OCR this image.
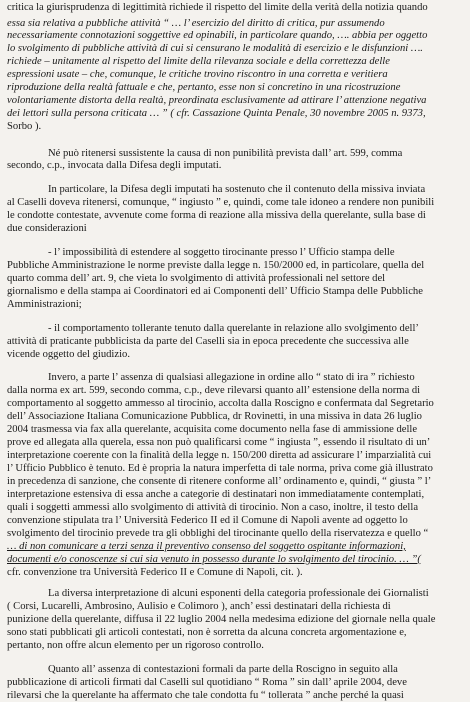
critica la giurisprudenza di legittimità richiede il rispetto del limite della verità della notizia quando
essa sia relativa a pubbliche attività “ … l’ esercizio del diritto di critica, pur assumendo
necessariamente connotazioni soggettive ed opinabili, in particolare quando, …. abbia per oggetto
lo svolgimento di pubbliche attività di cui si censurano le modalità di esercizio e le disfunzioni ….
richiede – unitamente al rispetto del limite della rilevanza sociale e della correttezza delle
espressioni usate – che, comunque, le critiche trovino riscontro in una corretta e veritiera
riproduzione della realtà fattuale e che, pertanto, esse non si concretino in una ricostruzione
volontariamente distorta della realtà, preordinata esclusivamente ad attirare l’ attenzione negativa
dei lettori sulla persona criticata … ” ( cfr. Cassazione Quinta Penale, 30 novembre 2005 n. 9373,
Sorbo ).
Né può ritenersi sussistente la causa di non punibilità prevista dall’ art. 599, comma
secondo, c.p., invocata dalla Difesa degli imputati.
In particolare, la Difesa degli imputati ha sostenuto che il contenuto della missiva inviata
al Caselli doveva ritenersi, comunque, “ ingiusto ” e, quindi, come tale idoneo a rendere non punibili
le condotte contestate, avvenute come forma di reazione alla missiva della querelante, sulla base di
due considerazioni
- l’ impossibilità di estendere al soggetto tirocinante presso l’ Ufficio stampa delle
Pubbliche Amministrazione le norme previste dalla legge n. 150/2000 ed, in particolare, quella del
quarto comma dell’ art. 9, che vieta lo svolgimento di attività professionali nel settore del
giornalismo e della stampa ai Coordinatori ed ai Componenti dell’ Ufficio Stampa delle Pubbliche
Amministrazioni;
- il comportamento tollerante tenuto dalla querelante in relazione allo svolgimento dell’
attività di praticante pubblicista da parte del Caselli sia in epoca precedente che successiva alle
vicende oggetto del giudizio.
Invero, a parte l’ assenza di qualsiasi allegazione in ordine allo “ stato di ira ” richiesto
dalla norma ex art. 599, secondo comma, c.p., deve rilevarsi quanto all’ estensione della norma di
comportamento al soggetto ammesso al tirocinio, accolta dalla Roscigno e confermata dal Segretario
dell’ Associazione Italiana Comunicazione Pubblica, dr Rovinetti, in una missiva in data 26 luglio
2004 trasmessa via fax alla querelante, acquisita come documento nella fase di ammissione delle
prove ed allegata alla querela, essa non può qualificarsi come “ ingiusta ”, essendo il risultato di un’
interpretazione coerente con la finalità della legge n. 150/200 diretta ad assicurare l’ imparzialità cui
l’ Ufficio Pubblico è tenuto. Ed è propria la natura imperfetta di tale norma, priva come già illustrato
in precedenza di sanzione, che consente di ritenere conforme all’ ordinamento e, quindi, “ giusta ” l’
interpretazione estensiva di essa anche a categorie di destinatari non immediatamente contemplati,
quali i soggetti ammessi allo svolgimento di attività di tirocinio. Non a caso, inoltre, il testo della
convenzione stipulata tra l’ Università Federico II ed il Comune di Napoli avente ad oggetto lo
svolgimento del tirocinio prevede tra gli obblighi del tirocinante quello della riservatezza e quello “
… di non comunicare a terzi senza il preventivo consenso del soggetto ospitante informazioni,
documenti e/o conoscenze si cui sia venuto in possesso durante lo svolgimento del tirocinio. … ”(
cfr. convenzione tra Università Federico II e Comune di Napoli, cit. ).
La diversa interpretazione di alcuni esponenti della categoria professionale dei Giornalisti
( Corsi, Lucarelli, Ambrosino, Aulisio e Colimoro ), anch’ essi destinatari della richiesta di
punizione della querelante, diffusa il 22 luglio 2004 nella medesima edizione del giornale nella quale
sono stati pubblicati gli articoli contestati, non è sorretta da alcuna concreta argomentazione e,
pertanto, non offre alcun elemento per un rigoroso controllo.
Quanto all’ assenza di contestazioni formali da parte della Roscigno in seguito alla
pubblicazione di articoli firmati dal Caselli sul quotidiano “ Roma ” sin dall’ aprile 2004, deve
rilevarsi che la querelante ha affermato che tale condotta fu “ tollerata ” anche perché la quasi
